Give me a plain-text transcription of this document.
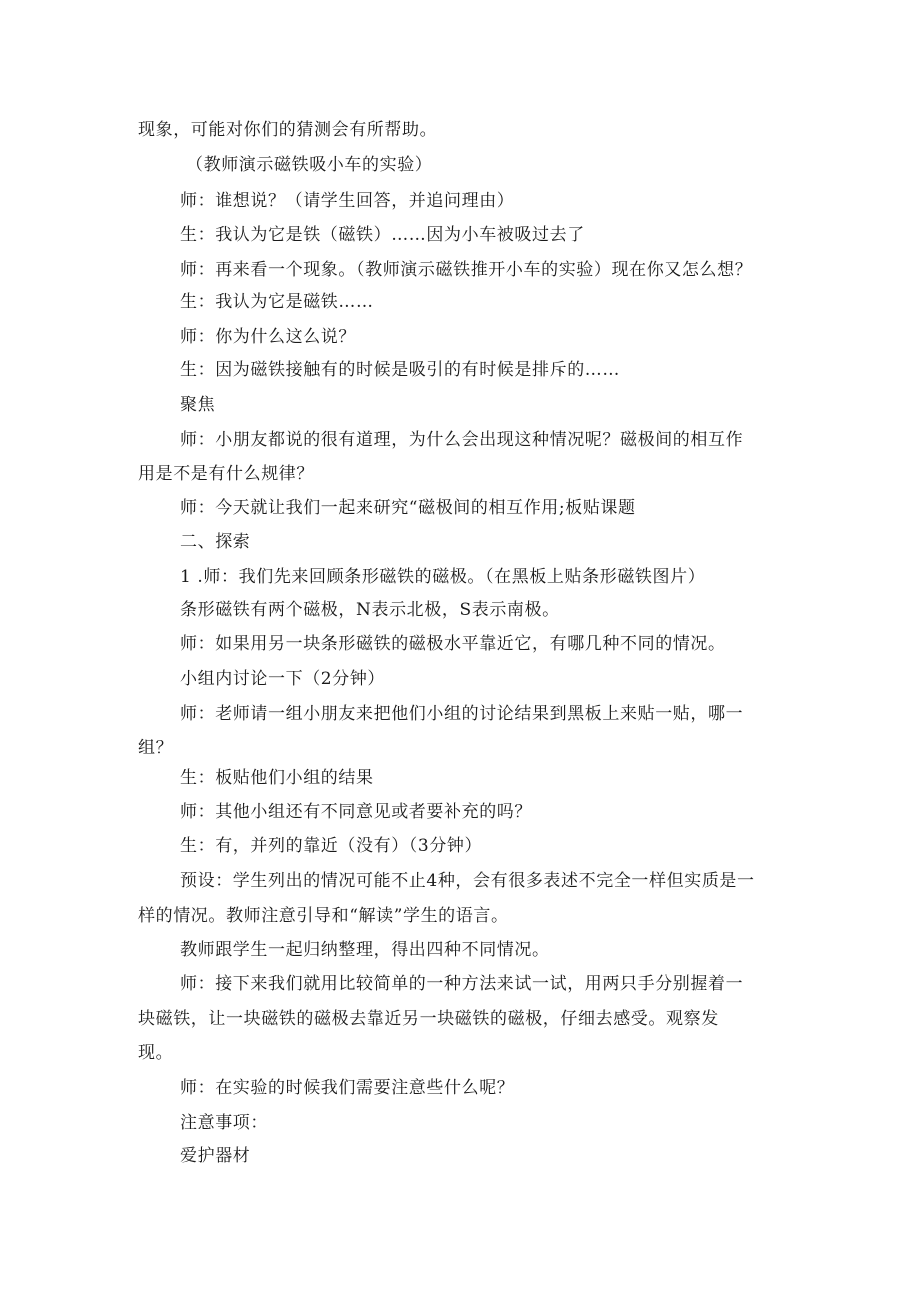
现象，可能对你们的猜测会有所帮助。
（教师演示磁铁吸小车的实验）
师：谁想说？（请学生回答，并追问理由）
生：我认为它是铁（磁铁）……因为小车被吸过去了
师：再来看一个现象。（教师演示磁铁推开小车的实验）现在你又怎么想？
生：我认为它是磁铁……
师：你为什么这么说？
生：因为磁铁接触有的时候是吸引的有时候是排斥的……
聚焦
师：小朋友都说的很有道理，为什么会出现这种情况呢？磁极间的相互作
用是不是有什么规律？
师：今天就让我们一起来研究“磁极间的相互作用;板贴课题
二、探索
1 .师：我们先来回顾条形磁铁的磁极。（在黑板上贴条形磁铁图片）
条形磁铁有两个磁极，N表示北极，S表示南极。
师：如果用另一块条形磁铁的磁极水平靠近它，有哪几种不同的情况。
小组内讨论一下（2分钟）
师：老师请一组小朋友来把他们小组的讨论结果到黑板上来贴一贴，哪一
组？
生：板贴他们小组的结果
师：其他小组还有不同意见或者要补充的吗？
生：有，并列的靠近（没有）（3分钟）
预设：学生列出的情况可能不止4种，会有很多表述不完全一样但实质是一
样的情况。教师注意引导和“解读”学生的语言。
教师跟学生一起归纳整理，得出四种不同情况。
师：接下来我们就用比较简单的一种方法来试一试，用两只手分别握着一
块磁铁，让一块磁铁的磁极去靠近另一块磁铁的磁极，仔细去感受。观察发
现。
师：在实验的时候我们需要注意些什么呢？
注意事项：
爱护器材
